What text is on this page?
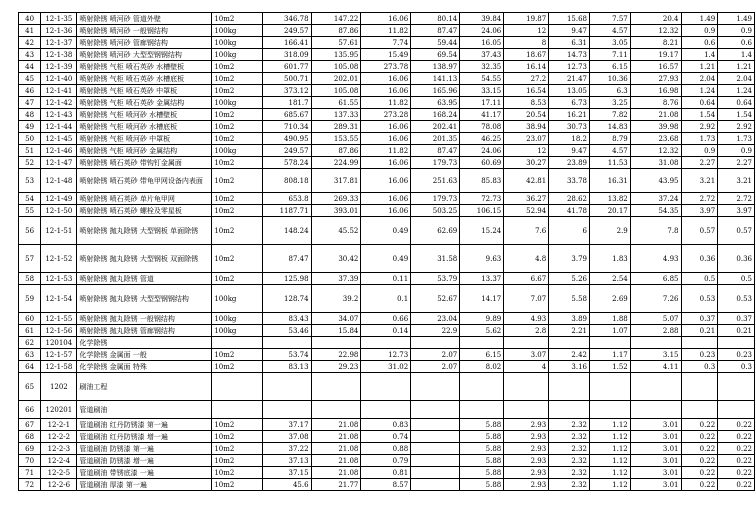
40	12-1-35	喷射除锈 喷河砂 管道外壁	10m2	346.78	147.22	16.06	80.14	39.84	19.87	15.68	7.57	20.4	1.49	1.49
41	12-1-36	喷射除锈 喷河砂 一般钢结构	100kg	249.57	87.86	11.82	87.47	24.06	12	9.47	4.57	12.32	0.9	0.9
42	12-1-37	喷射除锈 喷河砂 管廊钢结构	100kg	166.41	57.61	7.74	59.44	16.05	8	6.31	3.05	8.21	0.6	0.6
43	12-1-38	喷射除锈 喷河砂 大型型钢钢结构	100kg	318.09	135.95	15.49	69.54	37.43	18.67	14.73	7.11	19.17	1.4	1.4
44	12-1-39	喷射除锈 气柜 喷石英砂 水槽壁板	10m2	601.77	105.08	273.78	138.97	32.35	16.14	12.73	6.15	16.57	1.21	1.21
45	12-1-40	喷射除锈 气柜 喷石英砂 水槽底板	10m2	500.71	202.01	16.06	141.13	54.55	27.2	21.47	10.36	27.93	2.04	2.04
46	12-1-41	喷射除锈 气柜 喷石英砂 中罩板	10m2	373.12	105.08	16.06	165.96	33.15	16.54	13.05	6.3	16.98	1.24	1.24
47	12-1-42	喷射除锈 气柜 喷石英砂 金属结构	100kg	181.7	61.55	11.82	63.95	17.11	8.53	6.73	3.25	8.76	0.64	0.64
48	12-1-43	喷射除锈 气柜 喷河砂 水槽壁板	10m2	685.67	137.33	273.28	168.24	41.17	20.54	16.21	7.82	21.08	1.54	1.54
49	12-1-44	喷射除锈 气柜 喷河砂 水槽底板	10m2	710.34	289.31	16.06	202.41	78.08	38.94	30.73	14.83	39.98	2.92	2.92
50	12-1-45	喷射除锈 气柜 喷河砂 中罩板	10m2	490.95	153.55	16.06	201.35	46.25	23.07	18.2	8.79	23.68	1.73	1.73
51	12-1-46	喷射除锈 气柜 喷河砂 金属结构	100kg	249.57	87.86	11.82	87.47	24.06	12	9.47	4.57	12.32	0.9	0.9
52	12-1-47	喷射除锈 喷石英砂 带钩钉金属面	10m2	578.24	224.99	16.06	179.73	60.69	30.27	23.89	11.53	31.08	2.27	2.27
53	12-1-48	喷射除锈 喷石英砂 带龟甲网设备内表面	10m2	808.18	317.81	16.06	251.63	85.83	42.81	33.78	16.31	43.95	3.21	3.21
54	12-1-49	喷射除锈 喷石英砂 单片龟甲网	10m2	653.8	269.33	16.06	179.73	72.73	36.27	28.62	13.82	37.24	2.72	2.72
55	12-1-50	喷射除锈 喷石英砂 螺栓及零星板	10m2	1187.71	393.01	16.06	503.25	106.15	52.94	41.78	20.17	54.35	3.97	3.97
56	12-1-51	喷射除锈 抛丸除锈 大型钢板 单面除锈	10m2	148.24	45.52	0.49	62.69	15.24	7.6	6	2.9	7.8	0.57	0.57
57	12-1-52	喷射除锈 抛丸除锈 大型钢板 双面除锈	10m2	87.47	30.42	0.49	31.58	9.63	4.8	3.79	1.83	4.93	0.36	0.36
58	12-1-53	喷射除锈 抛丸除锈 管道	10m2	125.98	37.39	0.11	53.79	13.37	6.67	5.26	2.54	6.85	0.5	0.5
59	12-1-54	喷射除锈 抛丸除锈 大型型钢钢结构	100kg	128.74	39.2	0.1	52.67	14.17	7.07	5.58	2.69	7.26	0.53	0.53
60	12-1-55	喷射除锈 抛丸除锈 一般钢结构	100kg	83.43	34.07	0.66	23.04	9.89	4.93	3.89	1.88	5.07	0.37	0.37
61	12-1-56	喷射除锈 抛丸除锈 管廊钢结构	100kg	53.46	15.84	0.14	22.9	5.62	2.8	2.21	1.07	2.88	0.21	0.21
62	120104	化学除锈												
63	12-1-57	化学除锈 金属面 一般	10m2	53.74	22.98	12.73	2.07	6.15	3.07	2.42	1.17	3.15	0.23	0.23
64	12-1-58	化学除锈 金属面 特殊	10m2	83.13	29.23	31.02	2.07	8.02	4	3.16	1.52	4.11	0.3	0.3
65	1202	刷油工程												
66	120201	管道刷油												
67	12-2-1	管道刷油 红丹防锈漆 第一遍	10m2	37.17	21.08	0.83		5.88	2.93	2.32	1.12	3.01	0.22	0.22
68	12-2-2	管道刷油 红丹防锈漆 增一遍	10m2	37.08	21.08	0.74		5.88	2.93	2.32	1.12	3.01	0.22	0.22
69	12-2-3	管道刷油 防锈漆 第一遍	10m2	37.22	21.08	0.88		5.88	2.93	2.32	1.12	3.01	0.22	0.22
70	12-2-4	管道刷油 防锈漆 增一遍	10m2	37.13	21.08	0.79		5.88	2.93	2.32	1.12	3.01	0.22	0.22
71	12-2-5	管道刷油 带锈底漆 一遍	10m2	37.15	21.08	0.81		5.88	2.93	2.32	1.12	3.01	0.22	0.22
72	12-2-6	管道刷油 厚漆 第一遍	10m2	45.6	21.77	8.57		5.88	2.93	2.32	1.12	3.01	0.22	0.22
